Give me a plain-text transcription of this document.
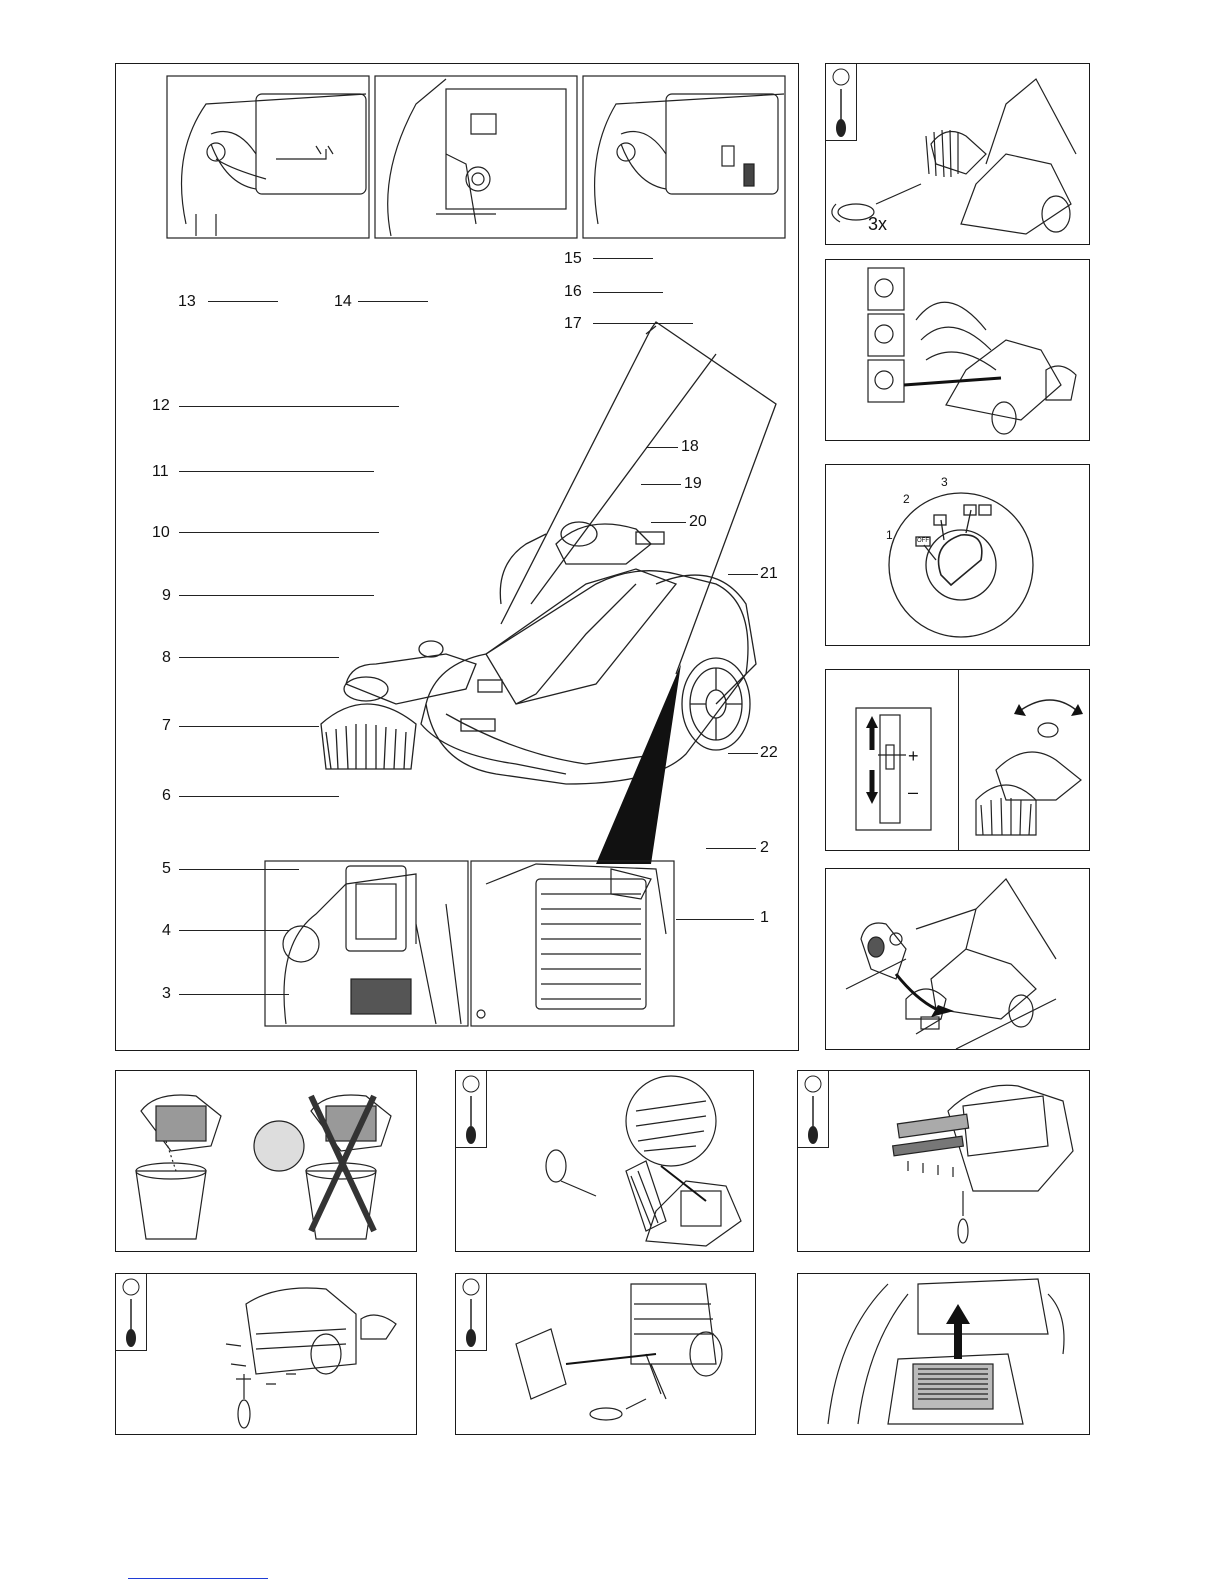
12
11
10
9
8
7
6
5
4
3
13	14
15
16
17
18
19
20
21
22
2
1
3x
1
2
3
OFF
+
–
